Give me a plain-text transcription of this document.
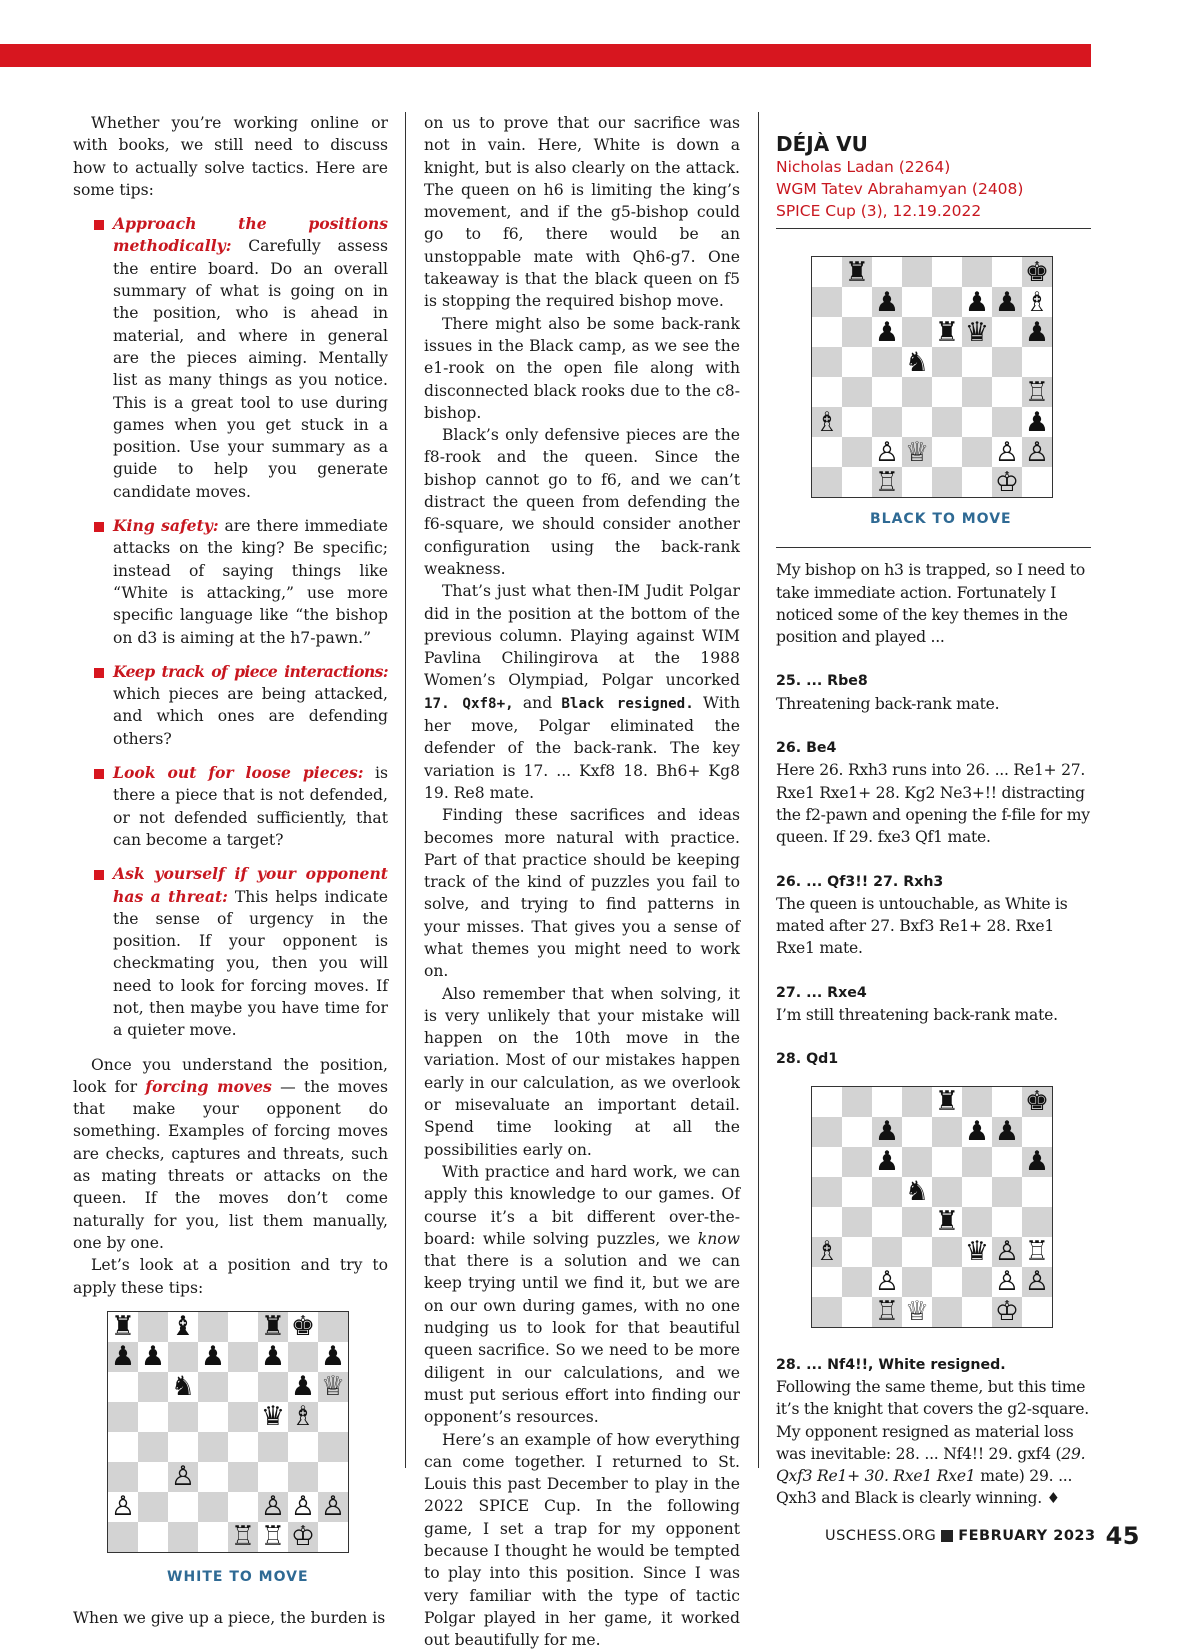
Whether you’re working online or with books, we still need to discuss how to actually solve tactics. Here are some tips:

Approach the positions methodically: Carefully assess the entire board. Do an overall summary of what is going on in the position, who is ahead in material, and where in general are the pieces aiming. Mentally list as many things as you notice. This is a great tool to use during games when you get stuck in a position. Use your summary as a guide to help you generate candidate moves.
King safety: are there immediate attacks on the king? Be specific; instead of saying things like “White is attacking,” use more specific language like “the bishop on d3 is aiming at the h7-pawn.”
Keep track of piece interactions: which pieces are being attacked, and which ones are defending others?
Look out for loose pieces: is there a piece that is not defended, or not defended sufficiently, that can become a target?
Ask yourself if your opponent has a threat: This helps indicate the sense of urgency in the position. If your opponent is checkmating you, then you will need to look for forcing moves. If not, then maybe you have time for a quieter move.

Once you understand the position, look for forcing moves — the moves that make your opponent do something. Examples of forcing moves are checks, captures and threats, such as mating threats or attacks on the queen. If the moves don’t come naturally for you, list them manually, one by one.

Let’s look at a position and try to apply these tips:

♜ ♝ ♜ ♚
♟ ♟ ♟ ♟ ♟
♞	♟ ♕
♛ ♗
♙
♙	♙ ♙ ♙
♖ ♖ ♔
WHITE TO MOVE

When we give up a piece, the burden is

on us to prove that our sacrifice was not in vain. Here, White is down a knight, but is also clearly on the attack. The queen on h6 is limiting the king’s movement, and if the g5-bishop could go to f6, there would be an unstoppable mate with Qh6-g7. One takeaway is that the black queen on f5 is stopping the required bishop move.

There might also be some back-rank issues in the Black camp, as we see the e1-rook on the open file along with disconnected black rooks due to the c8-bishop.

Black’s only defensive pieces are the f8-rook and the queen. Since the bishop cannot go to f6, and we can’t distract the queen from defending the f6-square, we should consider another configuration using the back-rank weakness.

That’s just what then-IM Judit Polgar did in the position at the bottom of the previous column. Playing against WIM Pavlina Chilingirova at the 1988 Women’s Olympiad, Polgar uncorked 17. Qxf8+, and Black resigned. With her move, Polgar eliminated the defender of the back-rank. The key variation is 17. ... Kxf8 18. Bh6+ Kg8 19. Re8 mate.

Finding these sacrifices and ideas becomes more natural with practice. Part of that practice should be keeping track of the kind of puzzles you fail to solve, and trying to find patterns in your misses. That gives you a sense of what themes you might need to work on.

Also remember that when solving, it is very unlikely that your mistake will happen on the 10th move in the variation. Most of our mistakes happen early in our calculation, as we overlook or misevaluate an important detail. Spend time looking at all the possibilities early on.

With practice and hard work, we can apply this knowledge to our games. Of course it’s a bit different over-the-board: while solving puzzles, we know that there is a solution and we can keep trying until we find it, but we are on our own during games, with no one nudging us to look for that beautiful queen sacrifice. So we need to be more diligent in our calculations, and we must put serious effort into finding our opponent’s resources.

Here’s an example of how everything can come together. I returned to St. Louis this past December to play in the 2022 SPICE Cup. In the following game, I set a trap for my opponent because I thought he would be tempted to play into this position. Since I was very familiar with the type of tactic Polgar played in her game, it worked out beautifully for me.

DÉJÀ VU
Nicholas Ladan (2264)
WGM Tatev Abrahamyan (2408)
SPICE Cup (3), 12.19.2022
♜	♚
♟ ♟ ♟ ♗
♟ ♜ ♛ ♟
♞
♖
♗	♟
♙ ♕ ♙ ♙
♖	♔
BLACK TO MOVE

My bishop on h3 is trapped, so I need to take immediate action. Fortunately I noticed some of the key themes in the position and played ...

25. ... Rbe8

Threatening back-rank mate.

26. Be4

Here 26. Rxh3 runs into 26. ... Re1+ 27. Rxe1 Rxe1+ 28. Kg2 Ne3+!! distracting the f2-pawn and opening the f-file for my queen. If 29. fxe3 Qf1 mate.

26. ... Qf3!! 27. Rxh3

The queen is untouchable, as White is mated after 27. Bxf3 Re1+ 28. Rxe1 Rxe1 mate.

27. ... Rxe4

I’m still threatening back-rank mate.

28. Qd1
♜ ♚
♟ ♟ ♟
♟	♟
♞
♜
♗	♛ ♙ ♖
♙	♙ ♙
♖ ♕ ♔
28. ... Nf4!!, White resigned.

Following the same theme, but this time it’s the knight that covers the g2-square. My opponent resigned as material loss was inevitable: 28. ... Nf4!! 29. gxf4 (29. Qxf3 Re1+ 30. Rxe1 Rxe1 mate) 29. ... Qxh3 and Black is clearly winning. ♦

USCHESS.ORG FEBRUARY 2023 45
